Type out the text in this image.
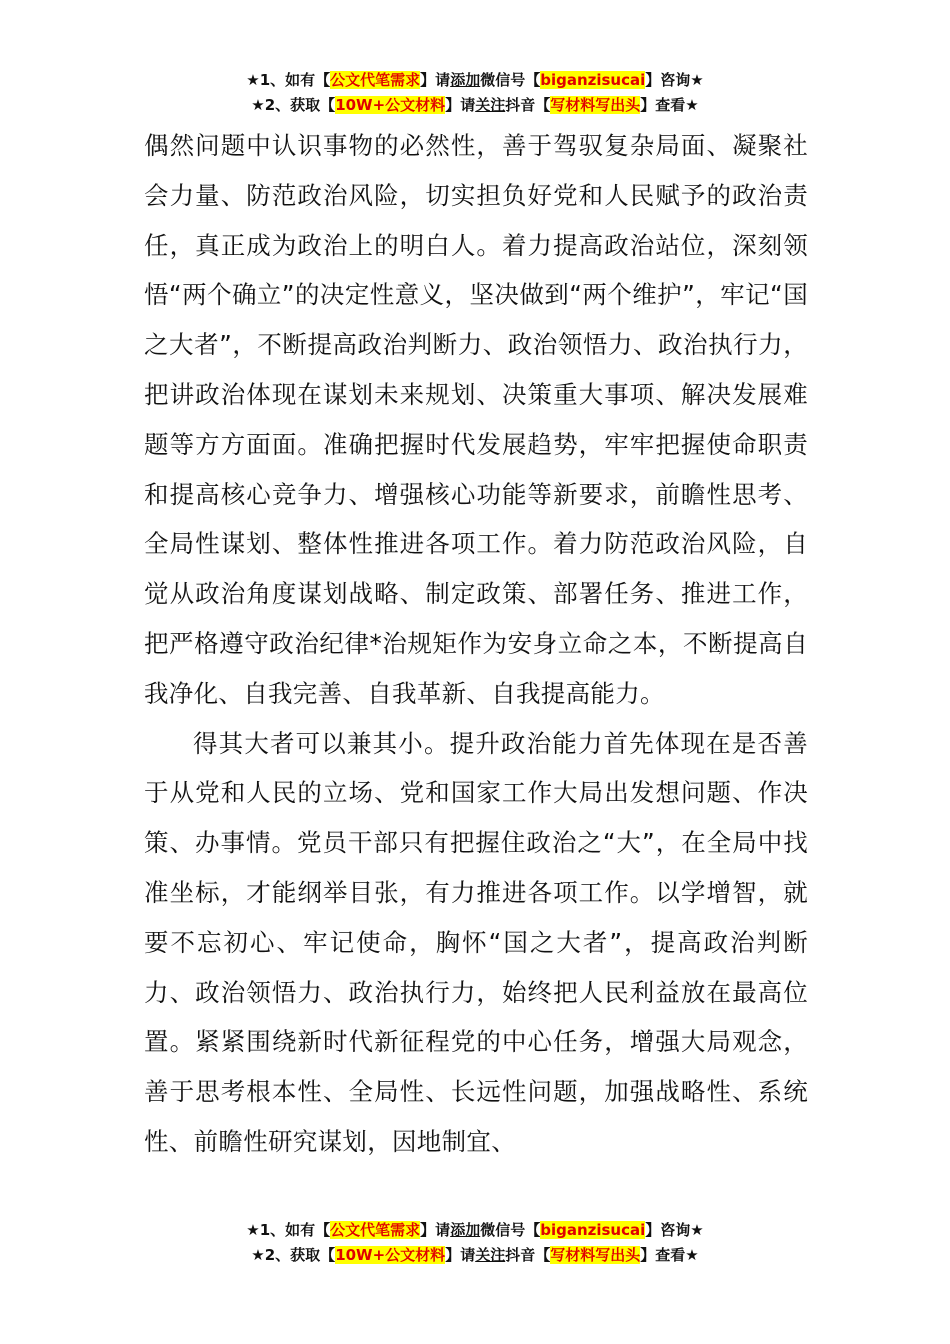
★1、如有【公文代笔需求】请添加微信号【biganzisucai】咨询★
★2、获取【10W+公文材料】请关注抖音【写材料写出头】查看★

偶然问题中认识事物的必然性，善于驾驭复杂局面、凝聚社会力量、防范政治风险，切实担负好党和人民赋予的政治责任，真正成为政治上的明白人。着力提高政治站位，深刻领悟“两个确立”的决定性意义，坚决做到“两个维护”，牢记“国之大者”，不断提高政治判断力、政治领悟力、政治执行力，把讲政治体现在谋划未来规划、决策重大事项、解决发展难题等方方面面。准确把握时代发展趋势，牢牢把握使命职责和提高核心竞争力、增强核心功能等新要求，前瞻性思考、全局性谋划、整体性推进各项工作。着力防范政治风险，自觉从政治角度谋划战略、制定政策、部署任务、推进工作，把严格遵守政治纪律*治规矩作为安身立命之本，不断提高自我净化、自我完善、自我革新、自我提高能力。

得其大者可以兼其小。提升政治能力首先体现在是否善于从党和人民的立场、党和国家工作大局出发想问题、作决策、办事情。党员干部只有把握住政治之“大”，在全局中找准坐标，才能纲举目张，有力推进各项工作。以学增智，就要不忘初心、牢记使命，胸怀“国之大者”，提高政治判断力、政治领悟力、政治执行力，始终把人民利益放在最高位置。紧紧围绕新时代新征程党的中心任务，增强大局观念，善于思考根本性、全局性、长远性问题，加强战略性、系统性、前瞻性研究谋划，因地制宜、

★1、如有【公文代笔需求】请添加微信号【biganzisucai】咨询★
★2、获取【10W+公文材料】请关注抖音【写材料写出头】查看★
